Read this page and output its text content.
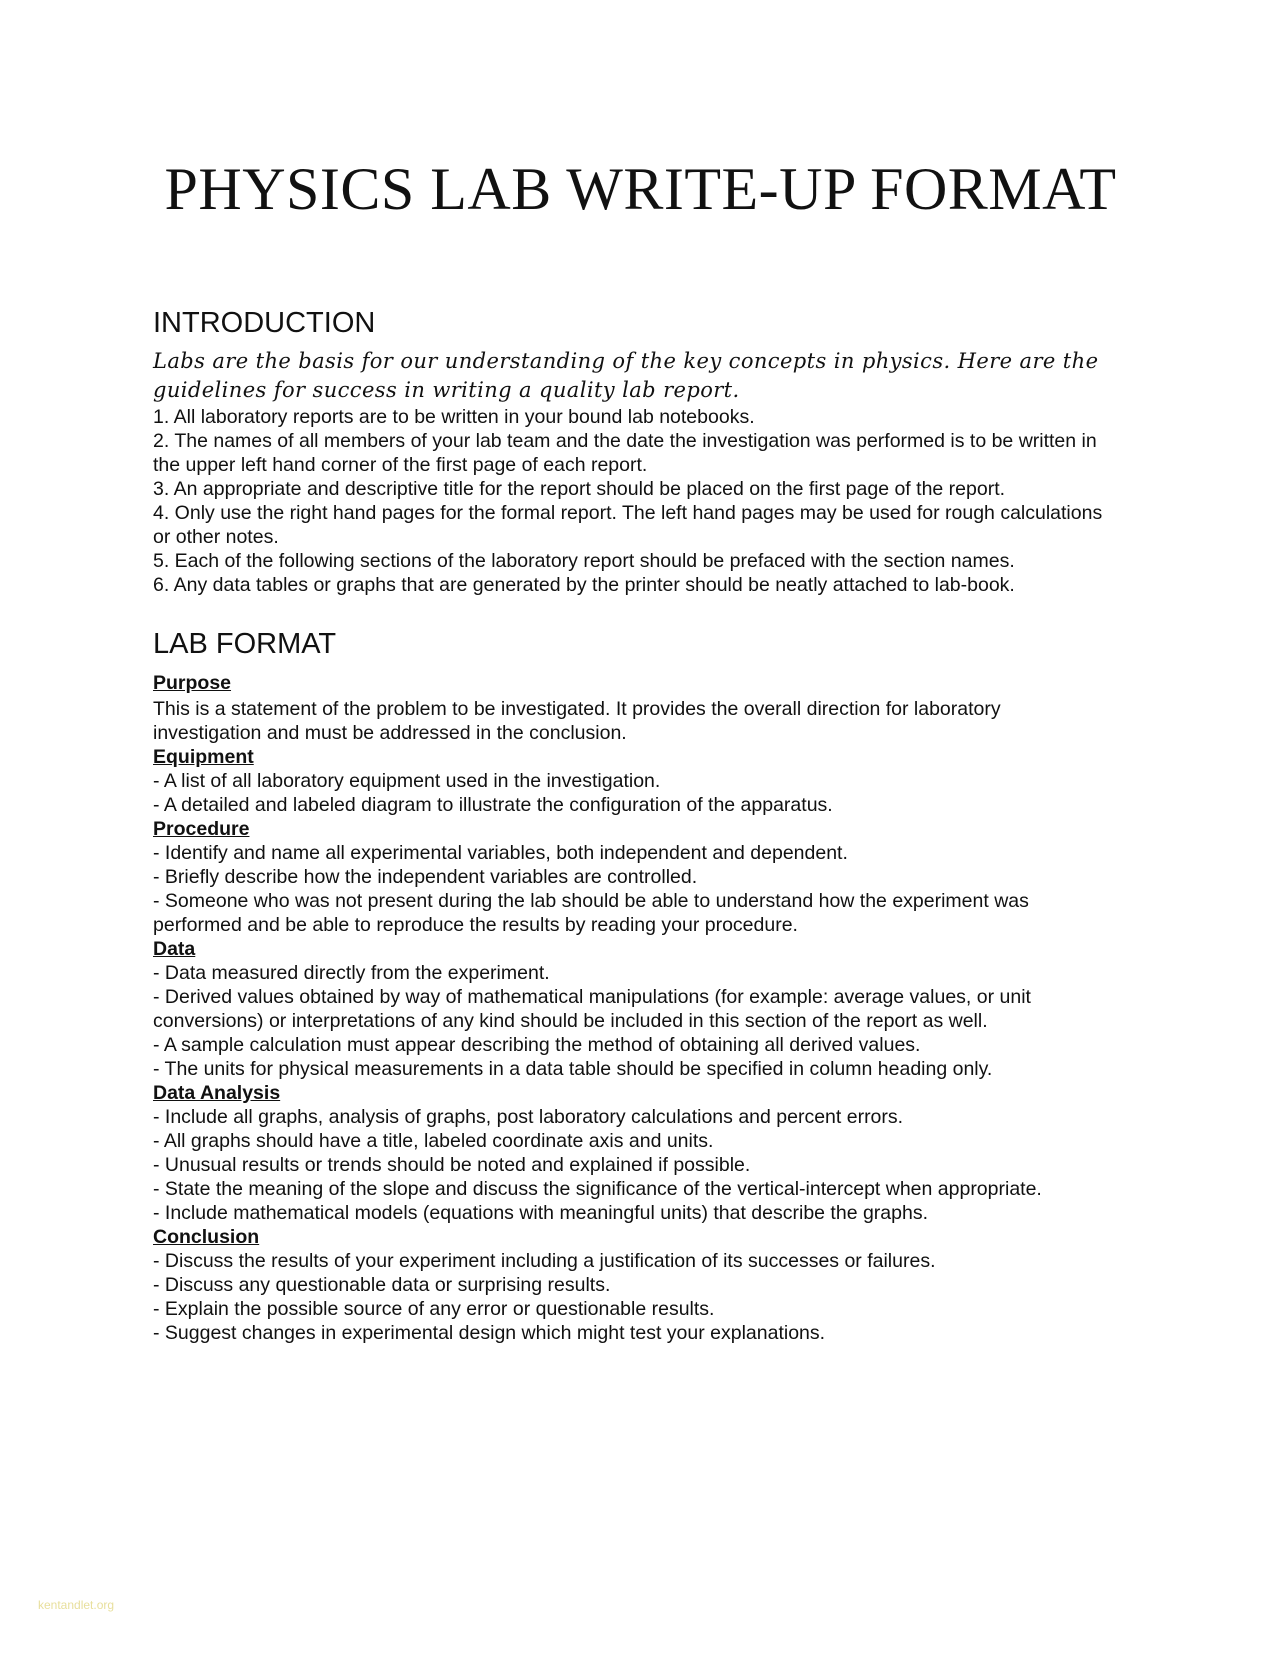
PHYSICS LAB WRITE-UP FORMAT
INTRODUCTION

Labs are the basis for our understanding of the key concepts in physics. Here are the guidelines for success in writing a quality lab report.

1. All laboratory reports are to be written in your bound lab notebooks.

2. The names of all members of your lab team and the date the investigation was performed is to be written in the upper left hand corner of the first page of each report.

3. An appropriate and descriptive title for the report should be placed on the first page of the report.

4. Only use the right hand pages for the formal report. The left hand pages may be used for rough calculations or other notes.

5. Each of the following sections of the laboratory report should be prefaced with the section names.

6. Any data tables or graphs that are generated by the printer should be neatly attached to lab-book.

LAB FORMAT

Purpose

This is a statement of the problem to be investigated. It provides the overall direction for laboratory investigation and must be addressed in the conclusion.

Equipment

- A list of all laboratory equipment used in the investigation.

- A detailed and labeled diagram to illustrate the configuration of the apparatus.

Procedure

- Identify and name all experimental variables, both independent and dependent.

- Briefly describe how the independent variables are controlled.

- Someone who was not present during the lab should be able to understand how the experiment was performed and be able to reproduce the results by reading your procedure.

Data

- Data measured directly from the experiment.

- Derived values obtained by way of mathematical manipulations (for example: average values, or unit conversions) or interpretations of any kind should be included in this section of the report as well.

- A sample calculation must appear describing the method of obtaining all derived values.

- The units for physical measurements in a data table should be specified in column heading only.

Data Analysis

- Include all graphs, analysis of graphs, post laboratory calculations and percent errors.

- All graphs should have a title, labeled coordinate axis and units.

- Unusual results or trends should be noted and explained if possible.

- State the meaning of the slope and discuss the significance of the vertical-intercept when appropriate.

- Include mathematical models (equations with meaningful units) that describe the graphs.

Conclusion

- Discuss the results of your experiment including a justification of its successes or failures.

- Discuss any questionable data or surprising results.

- Explain the possible source of any error or questionable results.

- Suggest changes in experimental design which might test your explanations.

kentandlet.org
